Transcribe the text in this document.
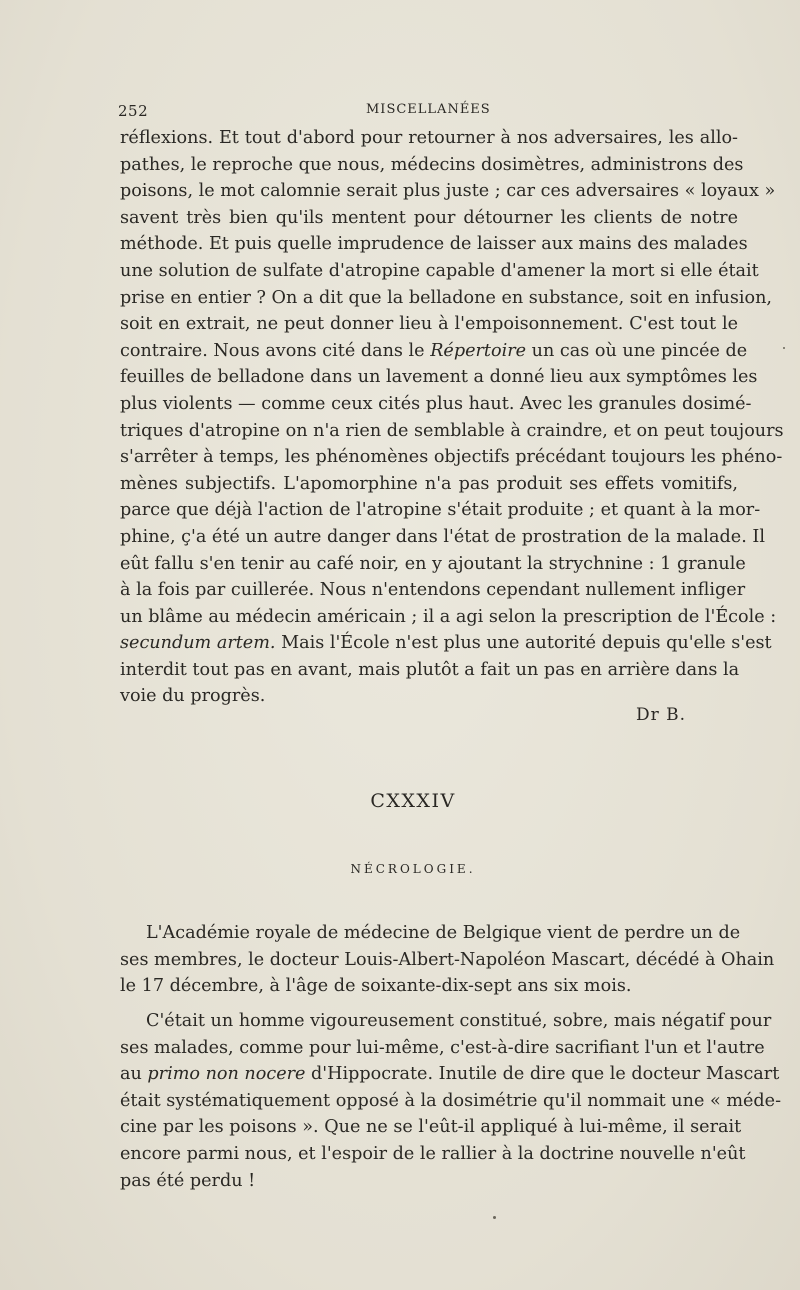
252	MISCELLANÉES
réflexions. Et tout d'abord pour retourner à nos adversaires, les allo-
pathes, le reproche que nous, médecins dosimètres, administrons des
poisons, le mot calomnie serait plus juste ; car ces adversaires « loyaux »
savent très bien qu'ils mentent pour détourner les clients de notre
méthode. Et puis quelle imprudence de laisser aux mains des malades
une solution de sulfate d'atropine capable d'amener la mort si elle était
prise en entier ? On a dit que la belladone en substance, soit en infusion,
soit en extrait, ne peut donner lieu à l'empoisonnement. C'est tout le
contraire. Nous avons cité dans le Répertoire un cas où une pincée de
feuilles de belladone dans un lavement a donné lieu aux symptômes les
plus violents — comme ceux cités plus haut. Avec les granules dosimé-
triques d'atropine on n'a rien de semblable à craindre, et on peut toujours
s'arrêter à temps, les phénomènes objectifs précédant toujours les phéno-
mènes subjectifs. L'apomorphine n'a pas produit ses effets vomitifs,
parce que déjà l'action de l'atropine s'était produite ; et quant à la mor-
phine, ç'a été un autre danger dans l'état de prostration de la malade. Il
eût fallu s'en tenir au café noir, en y ajoutant la strychnine : 1 granule
à la fois par cuillerée. Nous n'entendons cependant nullement infliger
un blâme au médecin américain ; il a agi selon la prescription de l'École :
secundum artem. Mais l'École n'est plus une autorité depuis qu'elle s'est
interdit tout pas en avant, mais plutôt a fait un pas en arrière dans la
voie du progrès.
Dr B.
CXXXIV
NÉCROLOGIE.
L'Académie royale de médecine de Belgique vient de perdre un de
ses membres, le docteur Louis-Albert-Napoléon Mascart, décédé à Ohain
le 17 décembre, à l'âge de soixante-dix-sept ans six mois.
C'était un homme vigoureusement constitué, sobre, mais négatif pour
ses malades, comme pour lui-même, c'est-à-dire sacrifiant l'un et l'autre
au primo non nocere d'Hippocrate. Inutile de dire que le docteur Mascart
était systématiquement opposé à la dosimétrie qu'il nommait une « méde-
cine par les poisons ». Que ne se l'eût-il appliqué à lui-même, il serait
encore parmi nous, et l'espoir de le rallier à la doctrine nouvelle n'eût
pas été perdu !
